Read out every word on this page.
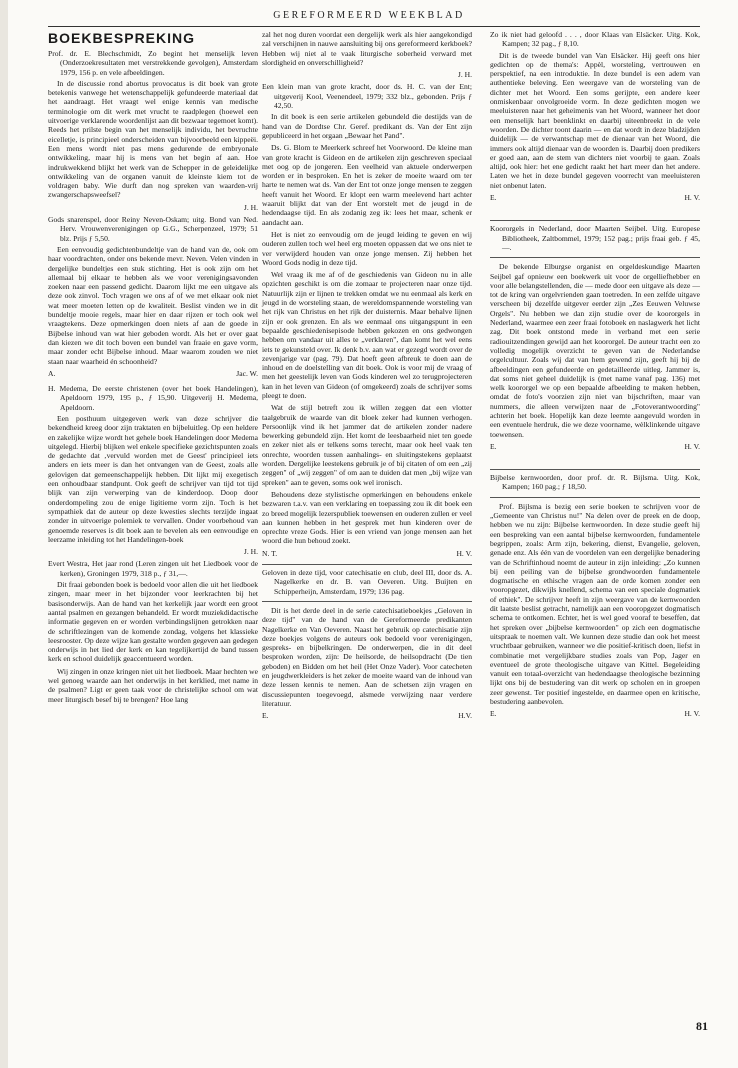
GEREFORMEERD WEEKBLAD
BOEKBESPREKING

Prof. dr. E. Blechschmidt, Zo begint het menselijk leven (Onderzoekresultaten met verstrekkende gevolgen), Amsterdam 1979, 156 p. en vele afbeeldingen.

In de discussie rond abortus provocatus is dit boek van grote betekenis vanwege het wetenschappelijk gefundeerde materiaal dat het aandraagt. Het vraagt wel enige kennis van medische terminologie om dit werk met vrucht te raadplegen (hoewel een uitvoerige verklarende woordenlijst aan dit bezwaar tegemoet komt). Reeds het prilste begin van het menselijk individu, het bevruchte eicelletje, is principieel onderscheiden van bijvoorbeeld een kippeëi. Een mens wordt niet pas mens gedurende de embryonale ontwikkeling, maar hij is mens van het begin af aan. Hoe indrukwekkend blijkt het werk van de Schepper in de geleidelijke ontwikkeling van de organen vanuit de kleinste kiem tot de voldragen baby. Wie durft dan nog spreken van waarden-vrij zwangerschapsweefsel?

J. H.

Gods snarenspel, door Reiny Neven-Oskam; uitg. Bond van Ned. Herv. Vrouwenverenigingen op G.G., Scherpenzeel, 1979; 51 blz. Prijs ƒ 5,50.

Een eenvoudig gedichtenbundeltje van de hand van de, ook om haar voordrachten, onder ons bekende mevr. Neven. Velen vinden in dergelijke bundeltjes een stuk stichting. Het is ook zijn om het allemaal bij elkaar te hebben als we voor verenigingsavonden zoeken naar een passend gedicht. Daarom lijkt me een uitgave als deze ook zinvol. Toch vragen we ons af of we met elkaar ook niet wat meer moeten letten op de kwaliteit. Beslist vinden we in dit bundeltje mooie regels, maar hier en daar rijzen er toch ook wel vraagtekens. Deze opmerkingen doen niets af aan de goede in Bijbelse inhoud van wat hier geboden wordt. Als het er over gaat dan kiezen we dit toch boven een bundel van fraaie en gave vorm, maar zonder echt Bijbelse inhoud. Maar waarom zouden we niet staan naar waarheid én schoonheid?

A.	Jac. W.

H. Medema, De eerste christenen (over het boek Handelingen), Apeldoorn 1979, 195 p., ƒ 15,90. Uitgeverij H. Medema, Apeldoorn.

Een posthuum uitgegeven werk van deze schrijver die bekendheid kreeg door zijn traktaten en bijbeluitleg. Op een heldere en zakelijke wijze wordt het gehele boek Handelingen door Medema uitgelegd. Hierbij blijken wel enkele specifieke gezichtspunten zoals de gedachte dat ‚vervuld worden met de Geest' principieel iets anders en iets meer is dan het ontvangen van de Geest, zoals alle gelovigen dat gemeenschappelijk hebben. Dit lijkt mij exegetisch een onhoudbaar standpunt. Ook geeft de schrijver van tijd tot tijd blijk van zijn verwerping van de kinderdoop. Doop door onderdompeling zou de enige ligitieme vorm zijn. Toch is het sympathiek dat de auteur op deze kwesties slechts terzijde ingaat zonder in uitvoerige polemiek te vervallen. Onder voorbehoud van genoemde reserves is dit boek aan te bevelen als een eenvoudige en leerzame inleiding tot het Handelingen-boek

J. H.

Evert Westra, Het jaar rond (Leren zingen uit het Liedboek voor de kerken), Groningen 1979, 318 p., ƒ 31,—.

Dit fraai gebonden boek is bedoeld voor allen die uit het liedboek zingen, maar meer in het bijzonder voor leerkrachten bij het basisonderwijs. Aan de hand van het kerkelijk jaar wordt een groot aantal psalmen en gezangen behandeld. Er wordt muziekdidactische informatie gegeven en er worden verbindingslijnen getrokken naar de schriftlezingen van de komende zondag, volgens het klassieke leesrooster. Op deze wijze kan gestalte worden gegeven aan gedegen onderwijs in het lied der kerk en kan tegelijkertijd de band tussen kerk en school duidelijk geaccentueerd worden.

Wij zingen in onze kringen niet uit het liedboek. Maar hechten we wel genoeg waarde aan het onderwijs in het kerklied, met name in de psalmen? Ligt er geen taak voor de christelijke school om wat meer liturgisch besef bij te brengen? Hoe lang

zal het nog duren voordat een dergelijk werk als hier aangekondigd zal verschijnen in nauwe aansluiting bij ons gereformeerd kerkboek? Hebben wij niet al te vaak liturgische soberheid verward met slordigheid en onverschilligheid?

J. H.

Een klein man van grote kracht, door ds. H. C. van der Ent; uitgeverij Kool, Veenendeel, 1979; 332 blz., gebonden. Prijs ƒ 42,50.

In dit boek is een serie artikelen gebundeld die destijds van de hand van de Dordtse Chr. Geref. predikant ds. Van der Ent zijn gepubliceerd in het orgaan „Bewaar het Pand".

Ds. G. Blom te Meerkerk schreef het Voorwoord. De kleine man van grote kracht is Gideon en de artikelen zijn geschreven speciaal met oog op de jongeren. Een veelheid van aktuele onderwerpen worden er in besproken. En het is zeker de moeite waard om ter harte te nemen wat ds. Van der Ent tot onze jonge mensen te zeggen heeft vanuit het Woord. Er klopt een warm meelevend hart achter waaruit blijkt dat van der Ent worstelt met de jeugd in de hedendaagse tijd. En als zodanig zeg ik: lees het maar, schenk er aandacht aan.

Het is niet zo eenvoudig om de jeugd leiding te geven en wij ouderen zullen toch wel heel erg moeten oppassen dat we ons niet te ver verwijderd houden van onze jonge mensen. Zij hebben het Woord Gods nodig in deze tijd.

Wel vraag ik me af of de geschiedenis van Gideon nu in alle opzichten geschikt is om die zomaar te projecteren naar onze tijd. Natuurlijk zijn er lijnen te trekken omdat we nu eenmaal als kerk en jeugd in de worsteling staan, de wereldomspannende worsteling van het rijk van Christus en het rijk der duisternis. Maar behalve lijnen zijn er ook grenzen. En als we eenmaal ons uitgangspunt in een bepaalde geschiedenisepisode hebben gekozen en ons gedwongen hebben om vandaar uit alles te „verklaren", dan komt het wel eens iets te gekunsteld over. Ik denk b.v. aan wat er gezegd wordt over de zevenjarige var (pag. 79). Dat hoeft geen afbreuk te doen aan de inhoud en de doelstelling van dit boek. Ook is voor mij de vraag of men het geestelijk leven van Gods kinderen wel zo terugprojecteren kan in het leven van Gideon (of omgekeerd) zoals de schrijver soms pleegt te doen.

Wat de stijl betreft zou ik willen zeggen dat een vlotter taalgebruik de waarde van dit bloek zeker had kunnen verhogen. Persoonlijk vind ik het jammer dat de artikelen zonder nadere bewerking gebundeld zijn. Het komt de leesbaarheid niet ten goede en zeker niet als er telkens soms terecht, maar ook heel vaak ten onrechte, woorden tussen aanhalings- en sluitingstekens geplaatst worden. Dergelijke leestekens gebruik je of bij citaten of om een „zij zeggen" of „wij zeggen" of om aan te duiden dat men „bij wijze van spreken" aan te geven, soms ook wel ironisch.

Behoudens deze stylistische opmerkingen en behoudens enkele bezwaren t.a.v. van een verklaring en toepassing zou ik dit boek een zo breed mogelijk lezerspubliek toewensen en ouderen zullen er veel aan kunnen hebben in het gesprek met hun kinderen over de oprechte vreze Gods. Hier is een vriend van jonge mensen aan het woord die hun behoud zoekt.

N. T.	H. V.

Geloven in deze tijd, voor catechisatie en club, deel III, door ds. A. Nagelkerke en dr. B. van Oeveren. Uitg. Buijten en Schipperheijn, Amsterdam, 1979; 136 pag.

Dit is het derde deel in de serie catechisatieboekjes „Geloven in deze tijd" van de hand van de Gereformeerde predikanten Nagelkerke en Van Oeveren. Naast het gebruik op catechisatie zijn deze boekjes volgens de auteurs ook bedoeld voor verenigingen, gespreks- en bijbelkringen. De onderwerpen, die in dit deel besproken worden, zijn: De heilsorde, de heilsopdracht (De tien geboden) en Bidden om het heil (Het Onze Vader). Voor catecheten en jeugdwerkleiders is het zeker de moeite waard van de inhoud van deze lessen kennis te nemen. Aan de schetsen zijn vragen en discussiepunten toegevoegd, alsmede verwijzing naar verdere literatuur.

E.	H.V.

Zo ik niet had geloofd . . . , door Klaas van Elsäcker. Uitg. Kok, Kampen; 32 pag., ƒ 8,10.

Dit is de tweede bundel van Van Elsäcker. Hij geeft ons hier gedichten op de thema's: Appèl, worsteling, vertrouwen en perspektief, na een introduktie. In deze bundel is een adem van authentieke beleving. Een weergave van de worsteling van de dichter met het Woord. Een soms gerijpte, een andere keer onmiskenbaar onvolgroeide vorm. In deze gedichten mogen we meeluisteren naar het geheimenis van het Woord, wanneer het door een menselijk hart beenklinkt en daarbij uiteenbreekt in de vele woorden. De dichter toont daarin — en dat wordt in deze bladzijden duidelijk — de verwantschap met de dienaar van het Woord, die immers ook altijd dienaar van de woorden is. Daarbij doen predikers er goed aan, aan de stem van dichters niet voorbij te gaan. Zoals altijd, ook hier: het ene gedicht raakt het hart meer dan het andere. Laten we het in deze bundel gegeven voorrecht van meeluisteren niet onbenut laten.

E.	H. V.

Koororgels in Nederland, door Maarten Seijbel. Uitg. Europese Bibliotheek, Zaltbommel, 1979; 152 pag.; prijs fraai geb. ƒ 45,—.

De bekende Elburgse organist en orgeldeskundige Maarten Seijbel gaf opnieuw een boekwerk uit voor de orgelliefhebber en voor alle belangstellenden, die — mede door een uitgave als deze — tot de kring van orgelvrienden gaan toetreden. In een zelfde uitgave verscheen bij dezelfde uitgever eerder zijn „Zes Eeuwen Veluwse Orgels". Nu hebben we dan zijn studie over de koororgels in Nederland, waarmee een zeer fraai fotoboek en naslagwerk het licht zag. Dit boek ontstond mede in verband met een serie radiouitzendingen gewijd aan het koororgel. De auteur tracht een zo volledig mogelijk overzicht te geven van de Nederlandse orgelcultuur. Zoals wij dat van hem gewend zijn, geeft hij bij de afbeeldingen een gefundeerde en gedetailleerde uitleg. Jammer is, dat soms niet geheel duidelijk is (met name vanaf pag. 136) met welk koororgel we op een bepaalde afbeelding te maken hebben, omdat de foto's voorzien zijn niet van bijschriften, maar van nummers, die alleen verwijzen naar de „Fotoverantwoording" achterin het boek. Hopelijk kan deze leemte aangevuld worden in een eventuele herdruk, die we deze voorname, wèlklinkende uitgave toewensen.

E.	H. V.

Bijbelse kernwoorden, door prof. dr. R. Bijlsma. Uitg. Kok, Kampen; 160 pag.; ƒ 18,50.

Prof. Bijlsma is bezig een serie boeken te schrijven voor de „Gemeente van Christus nu!" Na delen over de preek en de doop, hebben we nu zijn: Bijbelse kernwoorden. In deze studie geeft hij een bespreking van een aantal bijbelse kernwoorden, fundamentele begrippen, zoals: Arm zijn, bekering, dienst, Evangelie, geloven, genade enz. Als één van de voordelen van een dergelijke benadering van de Schriftinhoud noemt de auteur in zijn inleiding: „Zo kunnen bij een peiling van de bijbelse grondwoorden fundamentele dogmatische en ethische vragen aan de orde komen zonder een vooropgezet, dikwijls knellend, schema van een speciale dogmatiek of ethiek". De schrijver heeft in zijn weergave van de kernwoorden dit laatste beslist getracht, namelijk aan een vooropgezet dogmatisch schema te ontkomen. Echter, het is wel goed vooraf te beseffen, dat het spreken over „bijbelse kernwoorden" op zich een dogmatische uitspraak te noemen valt. We kunnen deze studie dan ook het meest vruchtbaar gebruiken, wanneer we die positief-kritisch doen, liefst in combinatie met vergelijkbare studies zoals van Pop, Jager en eventueel de grote theologische uitgave van Kittel. Begeleiding vanuit een totaal-overzicht van hedendaagse theologische bezinning lijkt ons bij de bestudering van dit werk op scholen en in groepen zeer gewenst. Ter positief ingestelde, en daarmee open en kritische, bestudering aanbevolen.

E.	H. V.
81
